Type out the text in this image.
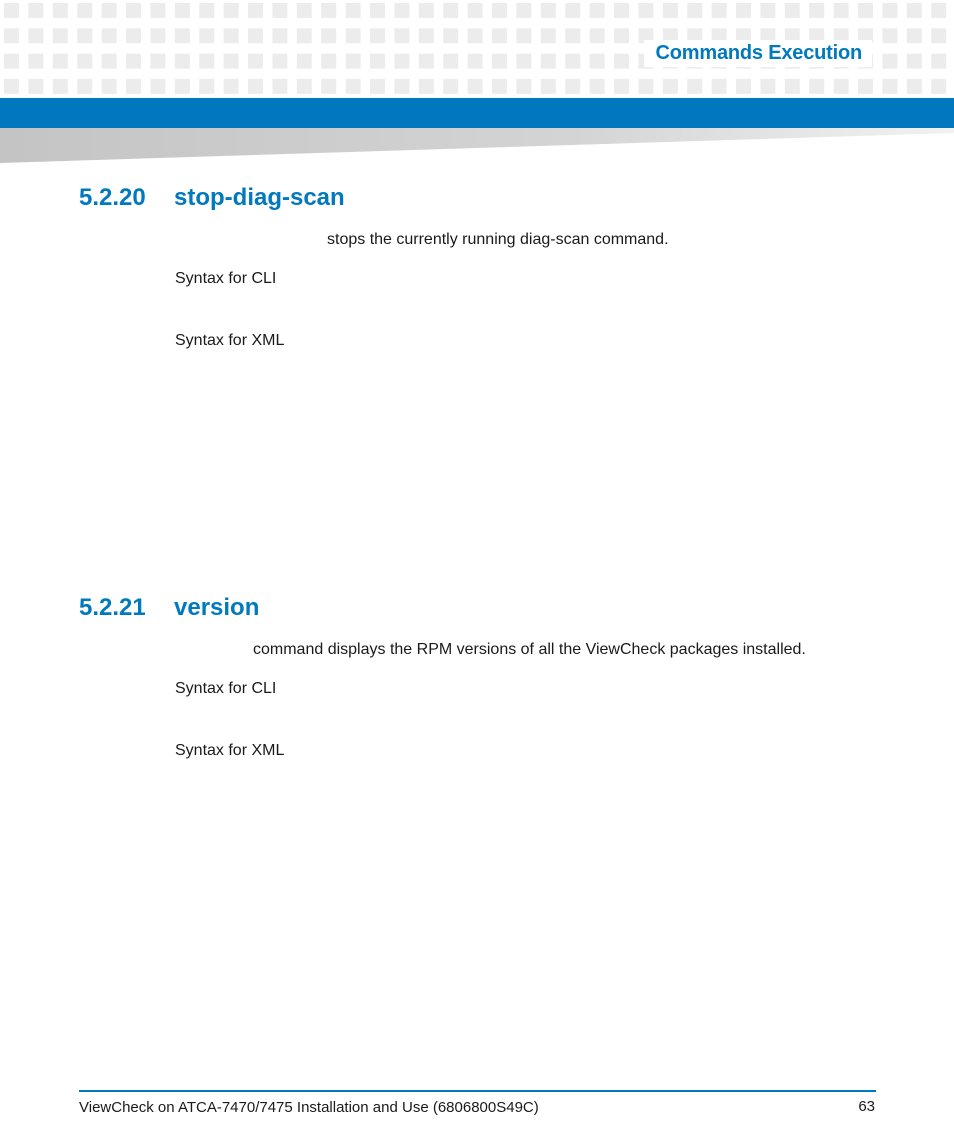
Commands Execution
5.2.20 stop-diag-scan

stops the currently running diag-scan command.

Syntax for CLI

Syntax for XML

5.2.21 version

command displays the RPM versions of all the ViewCheck packages installed.

Syntax for CLI

Syntax for XML

ViewCheck on ATCA-7470/7475 Installation and Use (6806800S49C)	63
